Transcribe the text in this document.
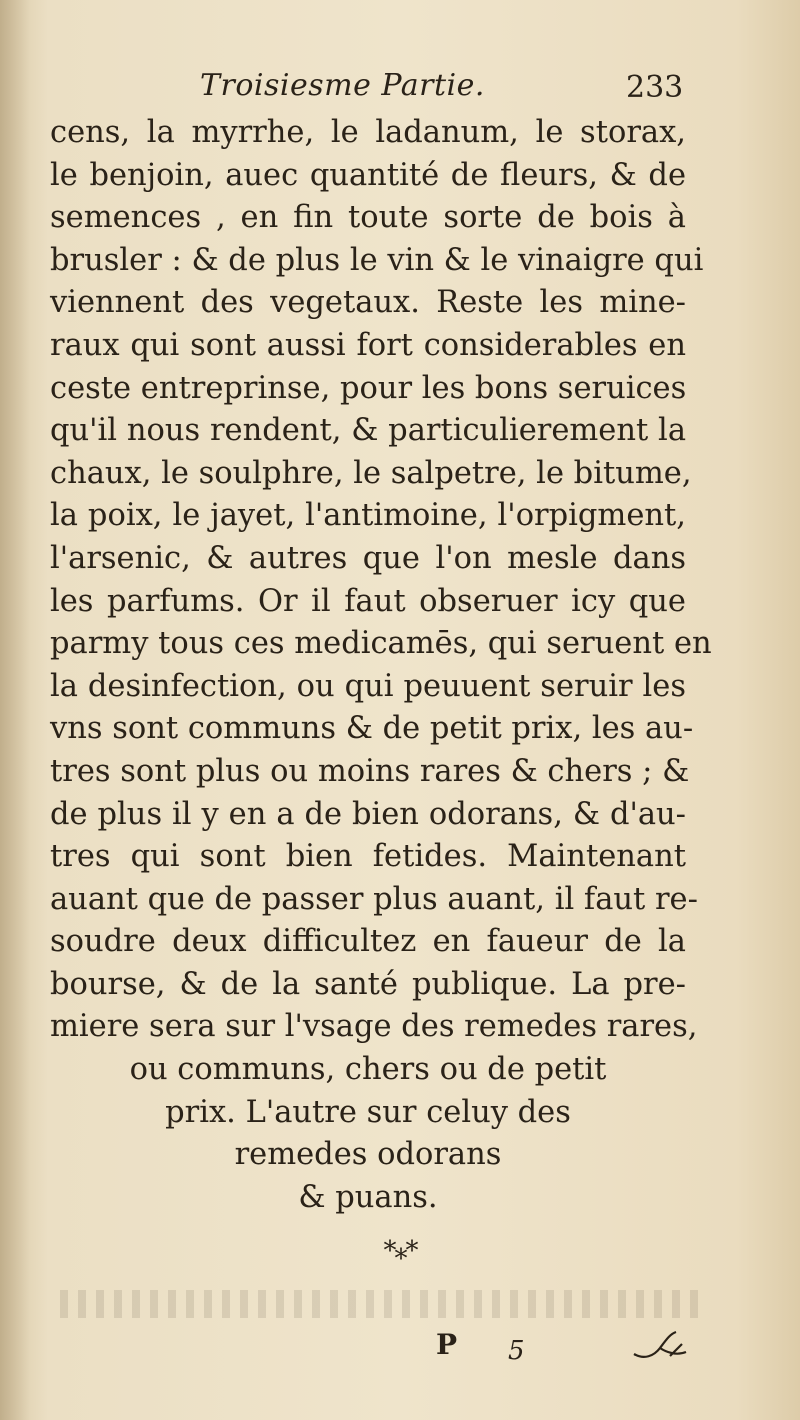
Troisiesme Partie.	233
cens, la myrrhe, le ladanum, le storax,
le benjoin, auec quantité de fleurs, & de
semences , en fin toute sorte de bois à
brusler : & de plus le vin & le vinaigre qui
viennent des vegetaux. Reste les mine-
raux qui sont aussi fort considerables en
ceste entreprinse, pour les bons seruices
qu'il nous rendent, & particulierement la
chaux, le soulphre, le salpetre, le bitume,
la poix, le jayet, l'antimoine, l'orpigment,
l'arsenic, & autres que l'on mesle dans
les parfums. Or il faut obseruer icy que
parmy tous ces medicamēs, qui seruent en
la desinfection, ou qui peuuent seruir les
vns sont communs & de petit prix, les au-
tres sont plus ou moins rares & chers ; &
de plus il y en a de bien odorans, & d'au-
tres qui sont bien fetides. Maintenant
auant que de passer plus auant, il faut re-
soudre deux difficultez en faueur de la
bourse, & de la santé publique. La pre-
miere sera sur l'vsage des remedes rares,
ou communs, chers ou de petit
prix. L'autre sur celuy des
remedes odorans
& puans.
*⁎*
P 5
